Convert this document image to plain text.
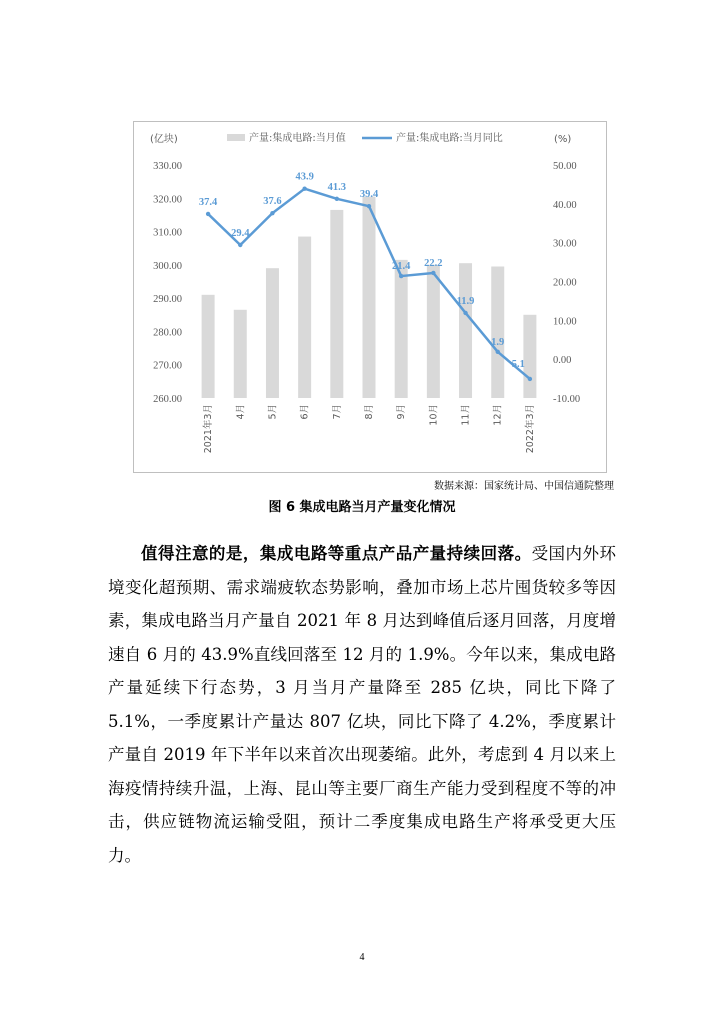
(亿块)	(%)
产量:集成电路:当月值	产量:集成电路:当月同比
330.00
320.00
310.00
300.00
290.00
280.00
270.00
260.00
50.00
40.00
30.00
20.00
10.00
0.00
-10.00
2021年3月 4月 5月 6月 7月 8月 9月 10月 11月 12月 2022年3月
37.4
29.4
37.6
43.9
41.3
39.4
21.4 22.2
11.9
1.9
5.1
数据来源：国家统计局、中国信通院整理
图 6 集成电路当月产量变化情况

值得注意的是，集成电路等重点产品产量持续回落。受国内外环境变化超预期、需求端疲软态势影响，叠加市场上芯片囤货较多等因素，集成电路当月产量自 2021 年 8 月达到峰值后逐月回落，月度增速自 6 月的 43.9%直线回落至 12 月的 1.9%。今年以来，集成电路产量延续下行态势，3 月当月产量降至 285 亿块，同比下降了 5.1%，一季度累计产量达 807 亿块，同比下降了 4.2%，季度累计产量自 2019 年下半年以来首次出现萎缩。此外，考虑到 4 月以来上海疫情持续升温，上海、昆山等主要厂商生产能力受到程度不等的冲击，供应链物流运输受阻，预计二季度集成电路生产将承受更大压力。

4
